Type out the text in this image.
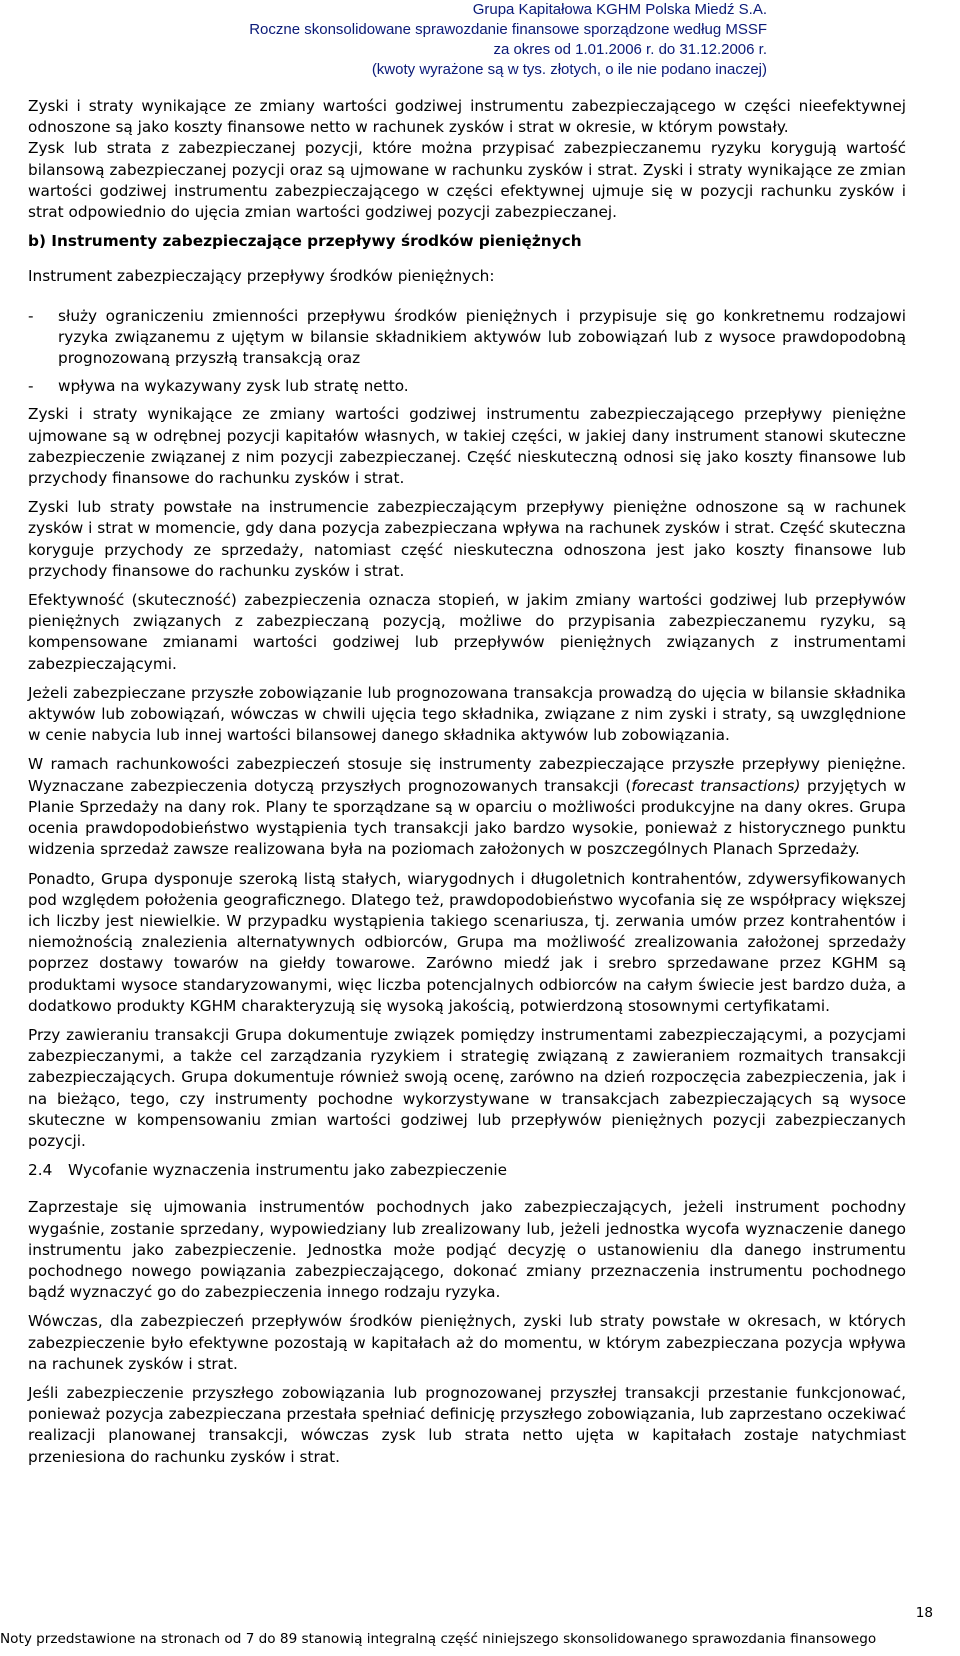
Grupa Kapitałowa KGHM Polska Miedź S.A.
Roczne skonsolidowane sprawozdanie finansowe sporządzone według MSSF
za okres od 1.01.2006 r. do 31.12.2006 r.
(kwoty wyrażone są w tys. złotych, o ile nie podano inaczej)

Zyski i straty wynikające ze zmiany wartości godziwej instrumentu zabezpieczającego w części nieefektywnej odnoszone są jako koszty finansowe netto w rachunek zysków i strat w okresie, w którym powstały.

Zysk lub strata z zabezpieczanej pozycji, które można przypisać zabezpieczanemu ryzyku korygują wartość bilansową zabezpieczanej pozycji oraz są ujmowane w rachunku zysków i strat. Zyski i straty wynikające ze zmian wartości godziwej instrumentu zabezpieczającego w części efektywnej ujmuje się w pozycji rachunku zysków i strat odpowiednio do ujęcia zmian wartości godziwej pozycji zabezpieczanej.

b) Instrumenty zabezpieczające przepływy środków pieniężnych
Instrument zabezpieczający przepływy środków pieniężnych:
-	służy ograniczeniu zmienności przepływu środków pieniężnych i przypisuje się go konkretnemu rodzajowi ryzyka związanemu z ujętym w bilansie składnikiem aktywów lub zobowiązań lub z wysoce prawdopodobną prognozowaną przyszłą transakcją oraz
-	wpływa na wykazywany zysk lub stratę netto.

Zyski i straty wynikające ze zmiany wartości godziwej instrumentu zabezpieczającego przepływy pieniężne ujmowane są w odrębnej pozycji kapitałów własnych, w takiej części, w jakiej dany instrument stanowi skuteczne zabezpieczenie związanej z nim pozycji zabezpieczanej. Część nieskuteczną odnosi się jako koszty finansowe lub przychody finansowe do rachunku zysków i strat.

Zyski lub straty powstałe na instrumencie zabezpieczającym przepływy pieniężne odnoszone są w rachunek zysków i strat w momencie, gdy dana pozycja zabezpieczana wpływa na rachunek zysków i strat. Część skuteczna koryguje przychody ze sprzedaży, natomiast część nieskuteczna odnoszona jest jako koszty finansowe lub przychody finansowe do rachunku zysków i strat.

Efektywność (skuteczność) zabezpieczenia oznacza stopień, w jakim zmiany wartości godziwej lub przepływów pieniężnych związanych z zabezpieczaną pozycją, możliwe do przypisania zabezpieczanemu ryzyku, są kompensowane zmianami wartości godziwej lub przepływów pieniężnych związanych z instrumentami zabezpieczającymi.

Jeżeli zabezpieczane przyszłe zobowiązanie lub prognozowana transakcja prowadzą do ujęcia w bilansie składnika aktywów lub zobowiązań, wówczas w chwili ujęcia tego składnika, związane z nim zyski i straty, są uwzględnione w cenie nabycia lub innej wartości bilansowej danego składnika aktywów lub zobowiązania.

W ramach rachunkowości zabezpieczeń stosuje się instrumenty zabezpieczające przyszłe przepływy pieniężne. Wyznaczane zabezpieczenia dotyczą przyszłych prognozowanych transakcji (forecast transactions) przyjętych w Planie Sprzedaży na dany rok. Plany te sporządzane są w oparciu o możliwości produkcyjne na dany okres. Grupa ocenia prawdopodobieństwo wystąpienia tych transakcji jako bardzo wysokie, ponieważ z historycznego punktu widzenia sprzedaż zawsze realizowana była na poziomach założonych w poszczególnych Planach Sprzedaży.

Ponadto, Grupa dysponuje szeroką listą stałych, wiarygodnych i długoletnich kontrahentów, zdywersyfikowanych pod względem położenia geograficznego. Dlatego też, prawdopodobieństwo wycofania się ze współpracy większej ich liczby jest niewielkie. W przypadku wystąpienia takiego scenariusza, tj. zerwania umów przez kontrahentów i niemożnością znalezienia alternatywnych odbiorców, Grupa ma możliwość zrealizowania założonej sprzedaży poprzez dostawy towarów na giełdy towarowe. Zarówno miedź jak i srebro sprzedawane przez KGHM są produktami wysoce standaryzowanymi, więc liczba potencjalnych odbiorców na całym świecie jest bardzo duża, a dodatkowo produkty KGHM charakteryzują się wysoką jakością, potwierdzoną stosownymi certyfikatami.

Przy zawieraniu transakcji Grupa dokumentuje związek pomiędzy instrumentami zabezpieczającymi, a pozycjami zabezpieczanymi, a także cel zarządzania ryzykiem i strategię związaną z zawieraniem rozmaitych transakcji zabezpieczających. Grupa dokumentuje również swoją ocenę, zarówno na dzień rozpoczęcia zabezpieczenia, jak i na bieżąco, tego, czy instrumenty pochodne wykorzystywane w transakcjach zabezpieczających są wysoce skuteczne w kompensowaniu zmian wartości godziwej lub przepływów pieniężnych pozycji zabezpieczanych pozycji.

2.4	Wycofanie wyznaczenia instrumentu jako zabezpieczenie

Zaprzestaje się ujmowania instrumentów pochodnych jako zabezpieczających, jeżeli instrument pochodny wygaśnie, zostanie sprzedany, wypowiedziany lub zrealizowany lub, jeżeli jednostka wycofa wyznaczenie danego instrumentu jako zabezpieczenie. Jednostka może podjąć decyzję o ustanowieniu dla danego instrumentu pochodnego nowego powiązania zabezpieczającego, dokonać zmiany przeznaczenia instrumentu pochodnego bądź wyznaczyć go do zabezpieczenia innego rodzaju ryzyka.

Wówczas, dla zabezpieczeń przepływów środków pieniężnych, zyski lub straty powstałe w okresach, w których zabezpieczenie było efektywne pozostają w kapitałach aż do momentu, w którym zabezpieczana pozycja wpływa na rachunek zysków i strat.

Jeśli zabezpieczenie przyszłego zobowiązania lub prognozowanej przyszłej transakcji przestanie funkcjonować, ponieważ pozycja zabezpieczana przestała spełniać definicję przyszłego zobowiązania, lub zaprzestano oczekiwać realizacji planowanej transakcji, wówczas zysk lub strata netto ujęta w kapitałach zostaje natychmiast przeniesiona do rachunku zysków i strat.

18
Noty przedstawione na stronach od 7 do 89 stanowią integralną część niniejszego skonsolidowanego sprawozdania finansowego
